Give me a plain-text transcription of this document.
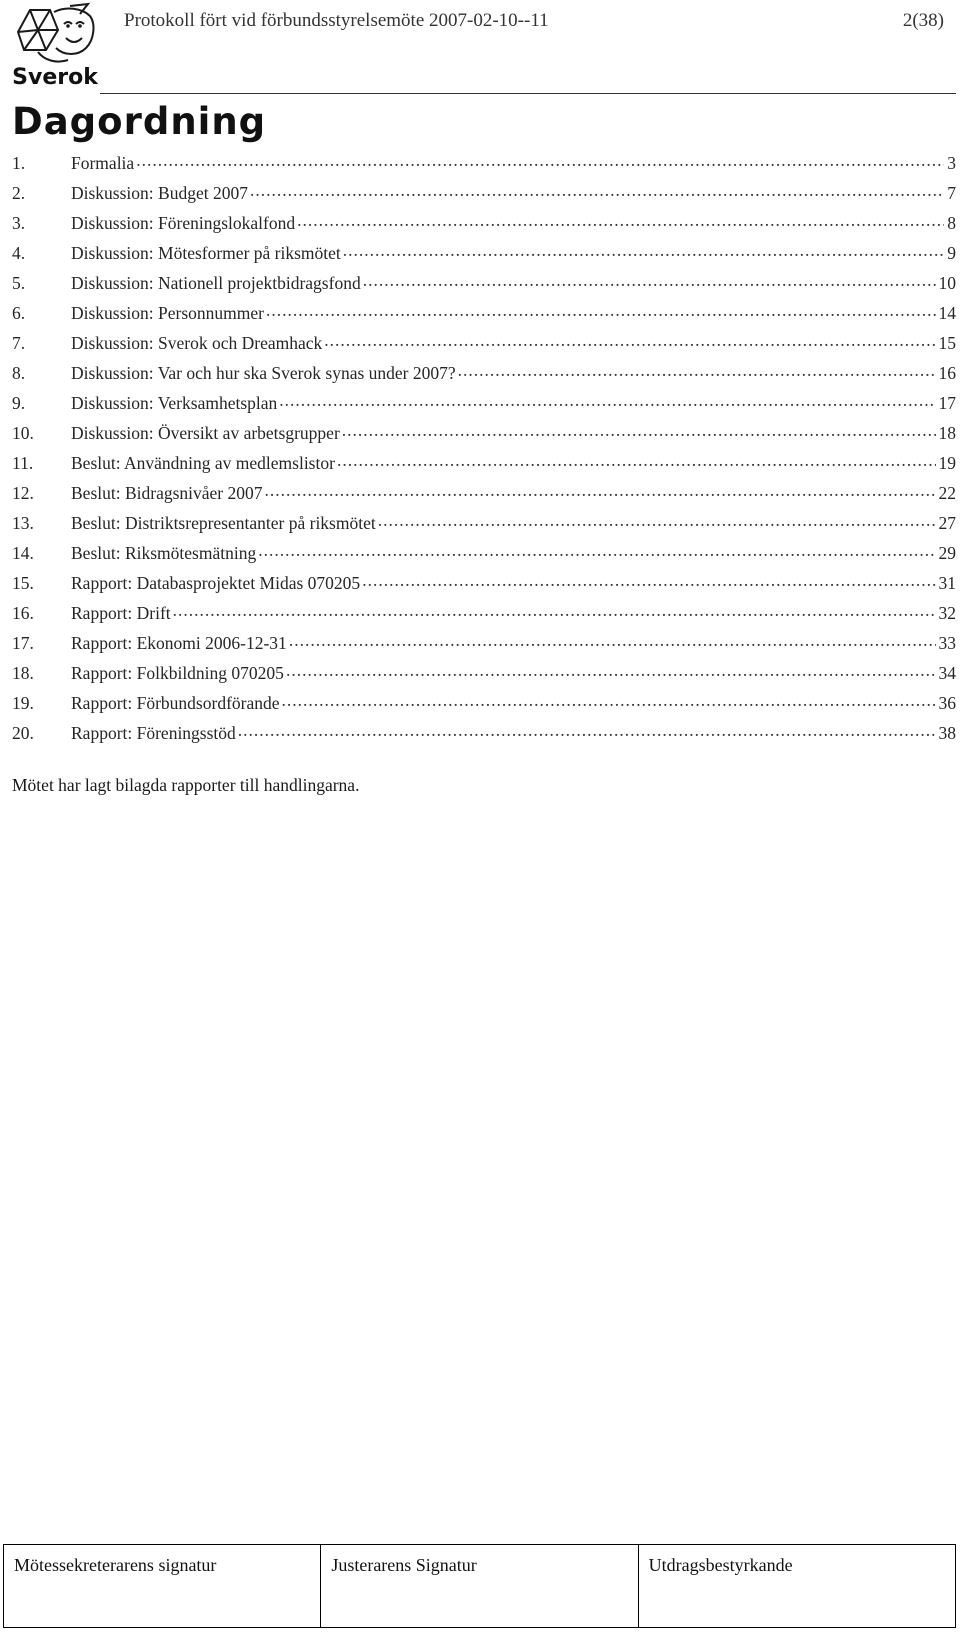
Sverok
Protokoll fört vid förbundsstyrelsemöte 2007-02-10--11	2(38)
Dagordning
1.	Formalia .....	3
2.	Diskussion: Budget 2007 .....	7
3.	Diskussion: Föreningslokalfond .....	8
4.	Diskussion: Mötesformer på riksmötet .....	9
5.	Diskussion: Nationell projektbidragsfond .....	10
6.	Diskussion: Personnummer .....	14
7.	Diskussion: Sverok och Dreamhack .....	15
8.	Diskussion: Var och hur ska Sverok synas under 2007? .....	16
9.	Diskussion: Verksamhetsplan .....	17
10.	Diskussion: Översikt av arbetsgrupper .....	18
11.	Beslut: Användning av medlemslistor .....	19
12.	Beslut: Bidragsnivåer 2007 .....	22
13.	Beslut: Distriktsrepresentanter på riksmötet .....	27
14.	Beslut: Riksmötesmätning .....	29
15.	Rapport: Databasprojektet Midas 070205 .....	31
16.	Rapport: Drift .....	32
17.	Rapport: Ekonomi 2006-12-31 .....	33
18.	Rapport: Folkbildning 070205 .....	34
19.	Rapport: Förbundsordförande .....	36
20.	Rapport: Föreningsstöd .....	38
Mötet har lagt bilagda rapporter till handlingarna.
Mötessekreterarens signatur	Justerarens Signatur	Utdragsbestyrkande
